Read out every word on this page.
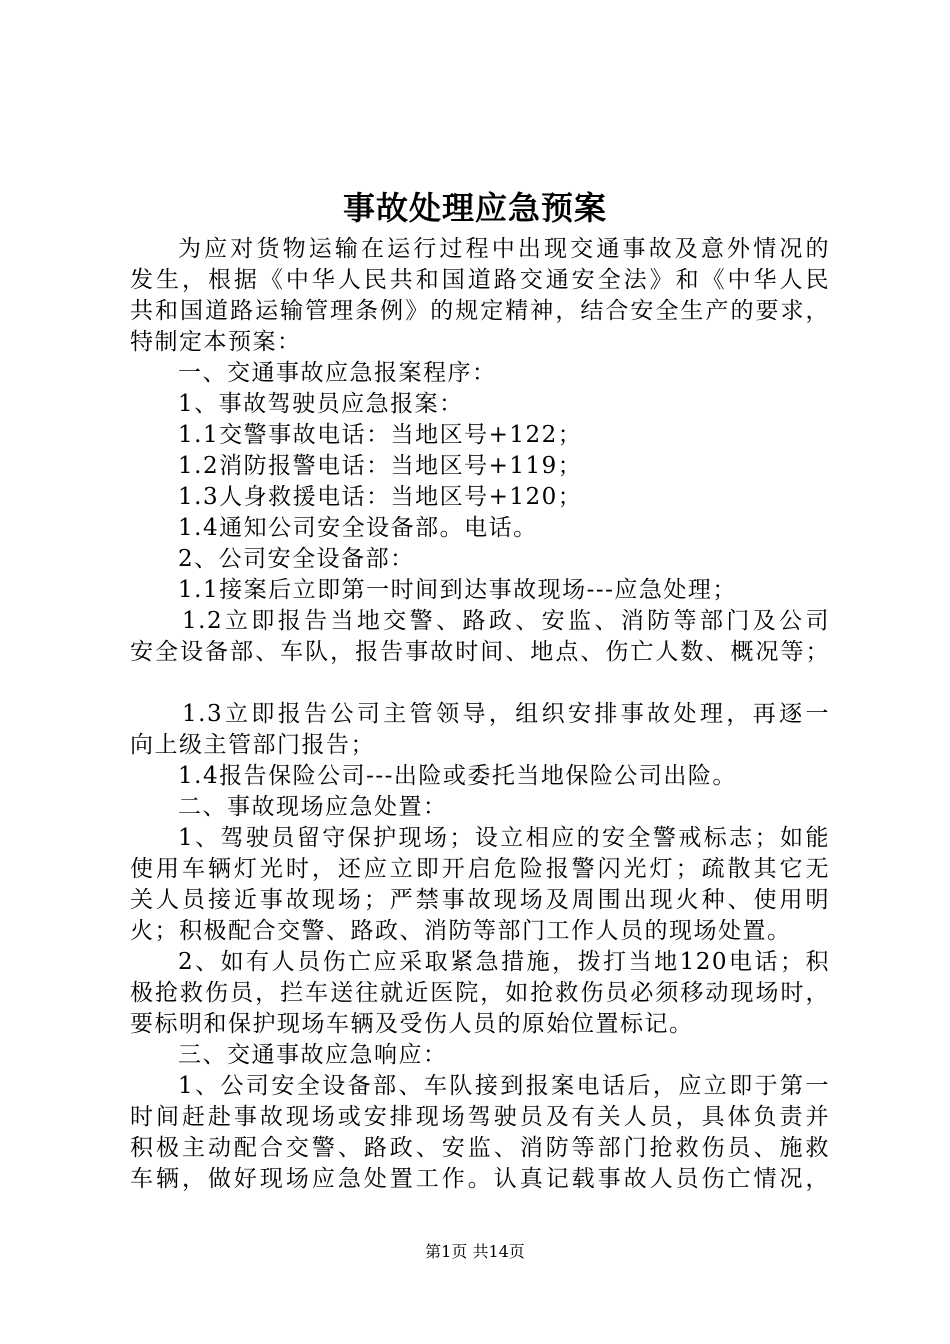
事故处理应急预案
为应对货物运输在运行过程中出现交通事故及意外情况的
发生，根据《中华人民共和国道路交通安全法》和《中华人民
共和国道路运输管理条例》的规定精神，结合安全生产的要求，
特制定本预案：
一、交通事故应急报案程序：
1、事故驾驶员应急报案：
1.1交警事故电话：当地区号+122；
1.2消防报警电话：当地区号+119；
1.3人身救援电话：当地区号+120；
1.4通知公司安全设备部。电话。
2、公司安全设备部：
1.1接案后立即第一时间到达事故现场---应急处理；
1.2立即报告当地交警、路政、安监、消防等部门及公司
安全设备部、车队，报告事故时间、地点、伤亡人数、概况等；
1.3立即报告公司主管领导，组织安排事故处理，再逐一
向上级主管部门报告；
1.4报告保险公司---出险或委托当地保险公司出险。
二、事故现场应急处置：
1、驾驶员留守保护现场；设立相应的安全警戒标志；如能
使用车辆灯光时，还应立即开启危险报警闪光灯；疏散其它无
关人员接近事故现场；严禁事故现场及周围出现火种、使用明
火；积极配合交警、路政、消防等部门工作人员的现场处置。
2、如有人员伤亡应采取紧急措施，拨打当地120电话；积
极抢救伤员，拦车送往就近医院，如抢救伤员必须移动现场时，
要标明和保护现场车辆及受伤人员的原始位置标记。
三、交通事故应急响应：
1、公司安全设备部、车队接到报案电话后，应立即于第一
时间赶赴事故现场或安排现场驾驶员及有关人员，具体负责并
积极主动配合交警、路政、安监、消防等部门抢救伤员、施救
车辆，做好现场应急处置工作。认真记载事故人员伤亡情况，
第1页 共14页
